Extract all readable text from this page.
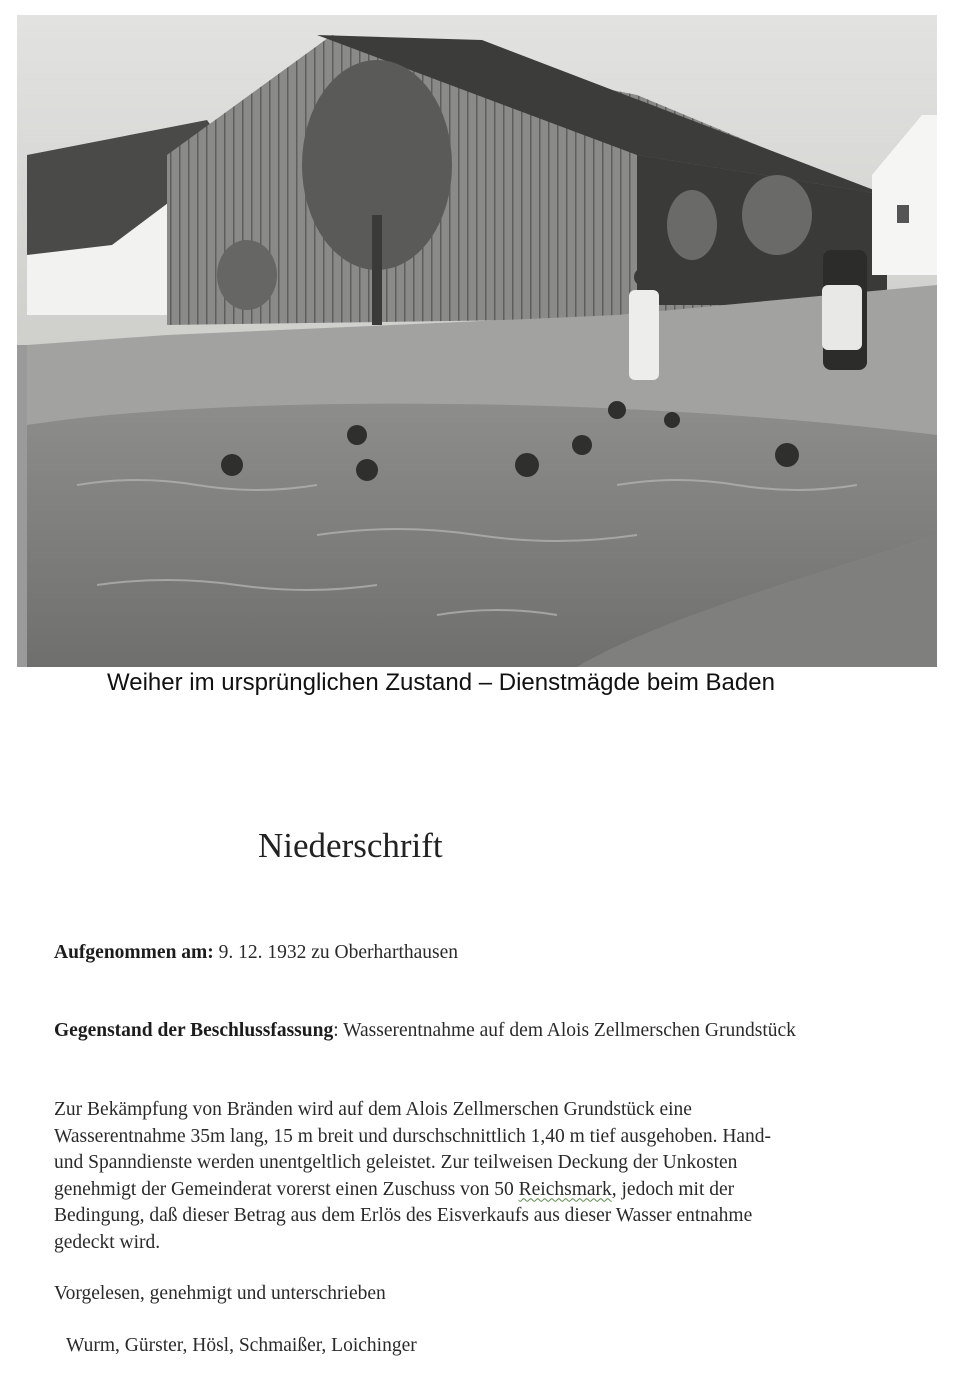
Weiher im ursprünglichen Zustand – Dienstmägde beim Baden
Niederschrift
Aufgenommen am: 9. 12. 1932 zu Oberharthausen
Gegenstand der Beschlussfassung: Wasserentnahme auf dem Alois Zellmerschen Grundstück
Zur Bekämpfung von Bränden wird auf dem Alois Zellmerschen Grundstück eine
Wasserentnahme 35m lang, 15 m breit und durschschnittlich 1,40 m tief ausgehoben. Hand-
und Spanndienste werden unentgeltlich geleistet. Zur teilweisen Deckung der Unkosten
genehmigt der Gemeinderat vorerst einen Zuschuss von 50 Reichsmark, jedoch mit der
Bedingung, daß dieser Betrag aus dem Erlös des Eisverkaufs aus dieser Wasser entnahme
gedeckt wird.
Vorgelesen, genehmigt und unterschrieben
Wurm, Gürster, Hösl, Schmaißer, Loichinger
